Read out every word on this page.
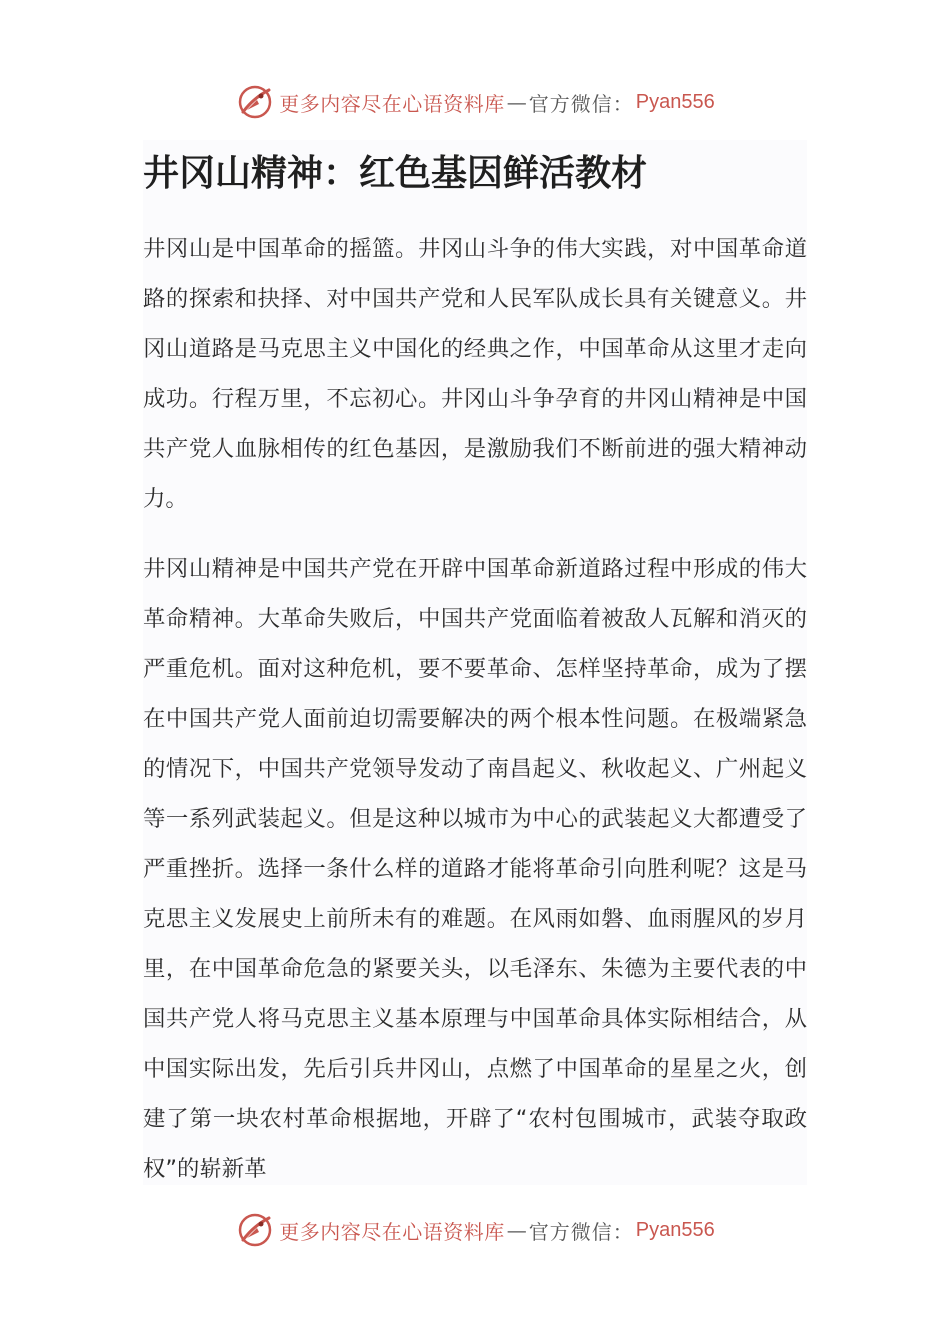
更多内容尽在心语资料库 — 官方微信： Pyan556
井冈山精神：红色基因鲜活教材

井冈山是中国革命的摇篮。井冈山斗争的伟大实践，对中国革命道路的探索和抉择、对中国共产党和人民军队成长具有关键意义。井冈山道路是马克思主义中国化的经典之作，中国革命从这里才走向成功。行程万里，不忘初心。井冈山斗争孕育的井冈山精神是中国共产党人血脉相传的红色基因，是激励我们不断前进的强大精神动力。

井冈山精神是中国共产党在开辟中国革命新道路过程中形成的伟大革命精神。大革命失败后，中国共产党面临着被敌人瓦解和消灭的严重危机。面对这种危机，要不要革命、怎样坚持革命，成为了摆在中国共产党人面前迫切需要解决的两个根本性问题。在极端紧急的情况下，中国共产党领导发动了南昌起义、秋收起义、广州起义等一系列武装起义。但是这种以城市为中心的武装起义大都遭受了严重挫折。选择一条什么样的道路才能将革命引向胜利呢？这是马克思主义发展史上前所未有的难题。在风雨如磐、血雨腥风的岁月里，在中国革命危急的紧要关头，以毛泽东、朱德为主要代表的中国共产党人将马克思主义基本原理与中国革命具体实际相结合，从中国实际出发，先后引兵井冈山，点燃了中国革命的星星之火，创建了第一块农村革命根据地，开辟了“农村包围城市，武装夺取政权”的崭新革

更多内容尽在心语资料库 — 官方微信： Pyan556
